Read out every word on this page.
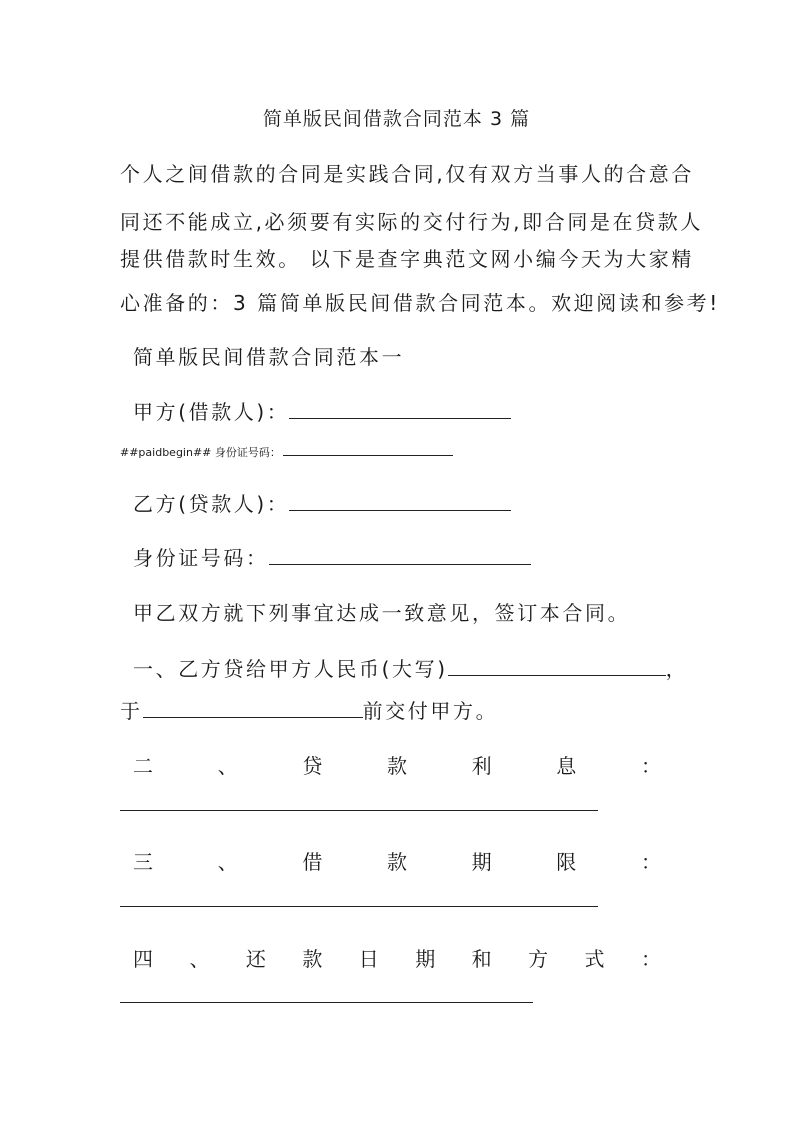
简单版民间借款合同范本 3 篇
个人之间借款的合同是实践合同,仅有双方当事人的合意合
同还不能成立,必须要有实际的交付行为,即合同是在贷款人
提供借款时生效。 以下是查字典范文网小编今天为大家精
心准备的：3 篇简单版民间借款合同范本。欢迎阅读和参考!
简单版民间借款合同范本一
甲方(借款人)：
##paidbegin## 身份证号码：
乙方(贷款人)：
身份证号码：
甲乙双方就下列事宜达成一致意见，签订本合同。
一、乙方贷给甲方人民币(大写)	，
于	前交付甲方。
二	、	贷	款	利	息	：
三	、	借	款	期	限	：
四 、 还 款 日 期 和 方 式 ：
